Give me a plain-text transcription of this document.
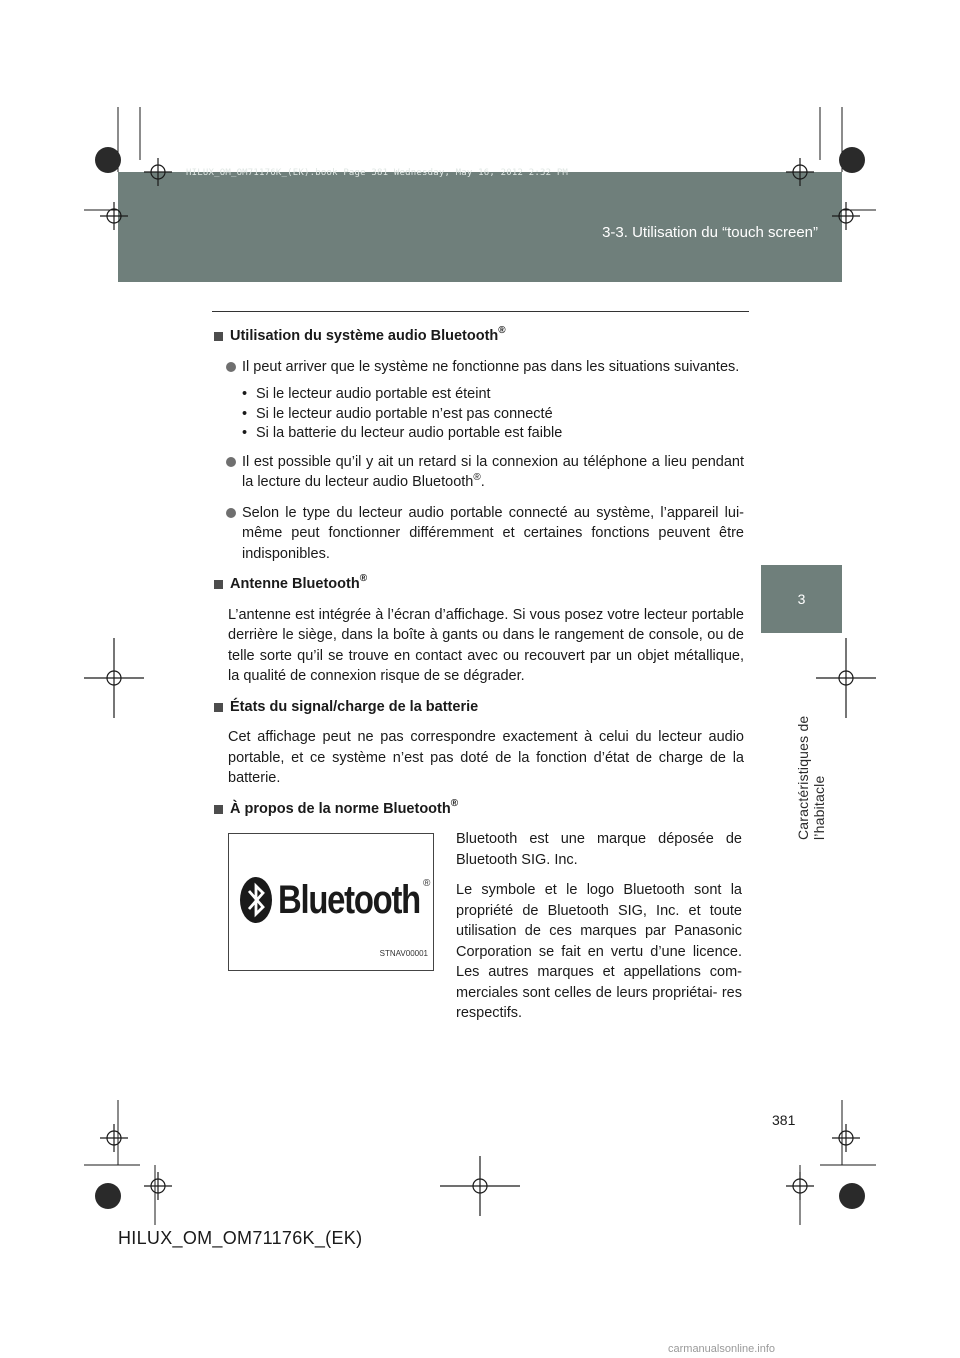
3-3. Utilisation du “touch screen”
HILUX_OM_OM71176K_(EK).book Page 381 Wednesday, May 16, 2012 2:32 PM
3
Caractéristiques de l’habitacle
Utilisation du système audio Bluetooth®
Il peut arriver que le système ne fonctionne pas dans les situations suivantes.
• Si le lecteur audio portable est éteint
• Si le lecteur audio portable n’est pas connecté
• Si la batterie du lecteur audio portable est faible
Il est possible qu’il y ait un retard si la connexion au téléphone a lieu pendant la lecture du lecteur audio Bluetooth®.
Selon le type du lecteur audio portable connecté au système, l’appareil lui-même peut fonctionner différemment et certaines fonctions peuvent être indisponibles.
Antenne Bluetooth®
L’antenne est intégrée à l’écran d’affichage. Si vous posez votre lecteur portable derrière le siège, dans la boîte à gants ou dans le rangement de console, ou de telle sorte qu’il se trouve en contact avec ou recouvert par un objet métallique, la qualité de connexion risque de se dégrader.
États du signal/charge de la batterie
Cet affichage peut ne pas correspondre exactement à celui du lecteur audio portable, et ce système n’est pas doté de la fonction d’état de charge de la batterie.
À propos de la norme Bluetooth®
Bluetooth ®
STNAV00001

Bluetooth est une marque déposée de Bluetooth SIG. Inc.

Le symbole et le logo Bluetooth sont la propriété de Bluetooth SIG, Inc. et toute utilisation de ces marques par Panasonic Corporation se fait en vertu d’une licence. Les autres marques et appellations com- merciales sont celles de leurs propriétai- res respectifs.

381
HILUX_OM_OM71176K_(EK)
carmanualsonline.info
